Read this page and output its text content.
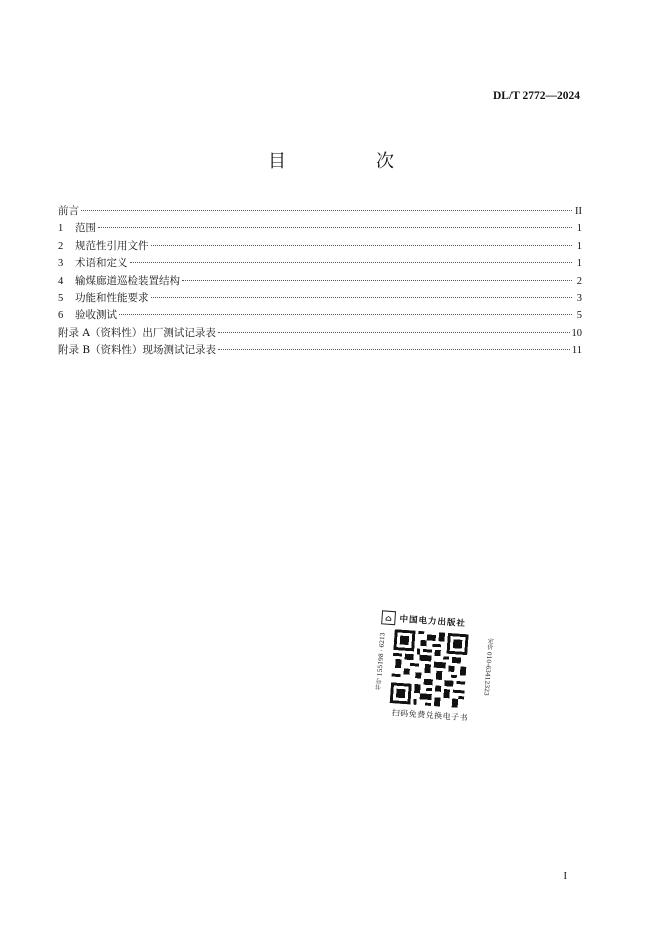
DL/T 2772—2024
目　次
前言	II
1	范围	1
2	规范性引用文件	1
3	术语和定义	1
4	输煤廊道巡检装置结构	2
5	功能和性能要求	3
6	验收测试	5
附录 A（资料性）出厂测试记录表	10
附录 B（资料性）现场测试记录表	11
⌂ 中国电力出版社
书号 155198 · 6213	定价 010-63412323
扫码免费兑换电子书
I
